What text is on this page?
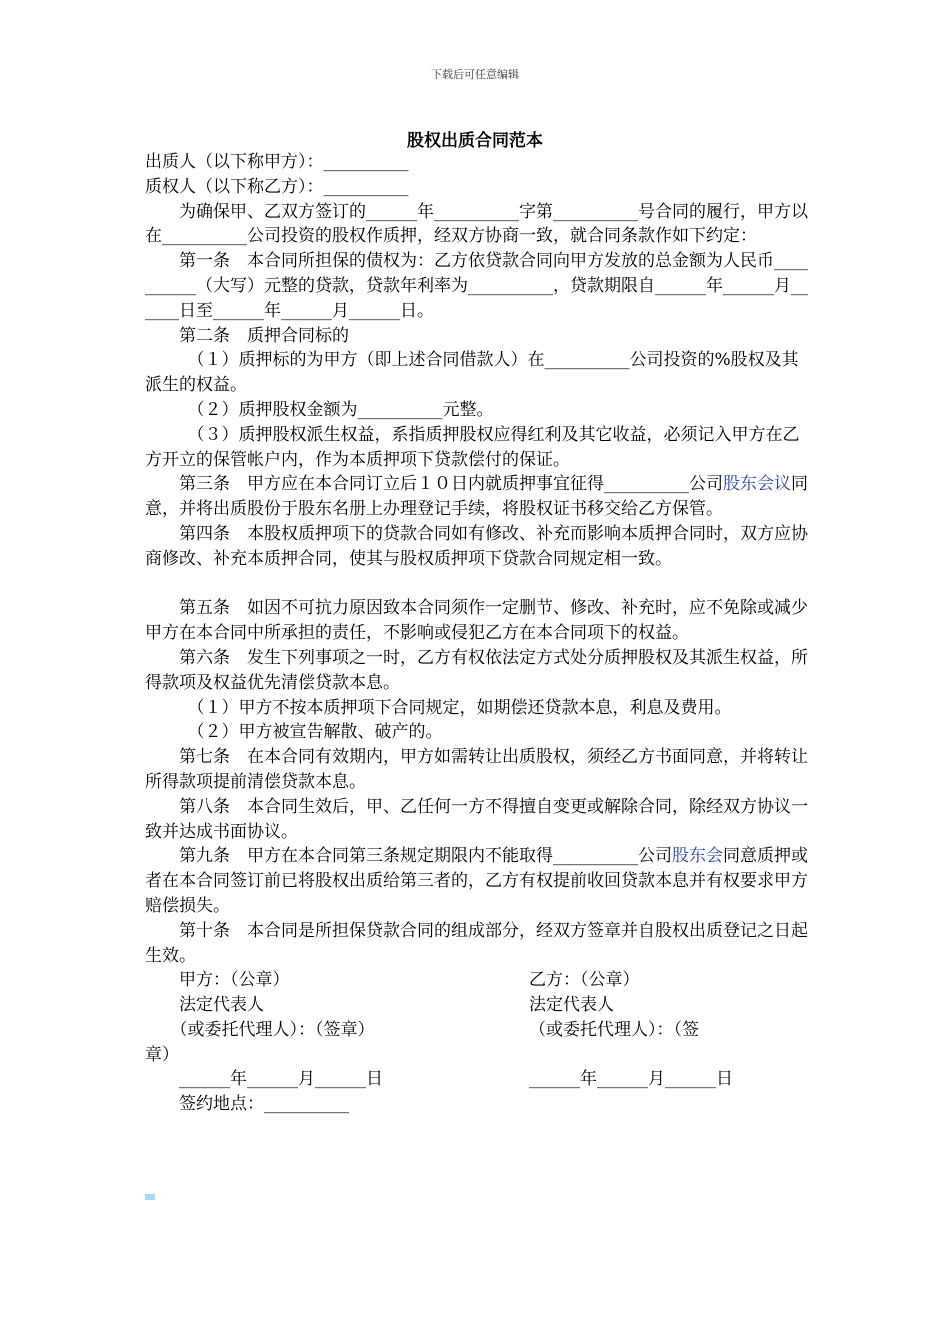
下载后可任意编辑
股权出质合同范本

出质人（以下称甲方）：__________

质权人（以下称乙方）：__________

为确保甲、乙双方签订的______年__________字第__________号合同的履行，甲方以在__________公司投资的股权作质押，经双方协商一致，就合同条款作如下约定：

第一条　本合同所担保的债权为：乙方依贷款合同向甲方发放的总金额为人民币__________（大写）元整的贷款，贷款年利率为__________，贷款期限自______年______月______日至______年______月______日。

第二条　质押合同标的

（１）质押标的为甲方（即上述合同借款人）在__________公司投资的%股权及其派生的权益。

（２）质押股权金额为__________元整。

（３）质押股权派生权益，系指质押股权应得红利及其它收益，必须记入甲方在乙方开立的保管帐户内，作为本质押项下贷款偿付的保证。

第三条　甲方应在本合同订立后１０日内就质押事宜征得__________公司股东会议同意，并将出质股份于股东名册上办理登记手续，将股权证书移交给乙方保管。

第四条　本股权质押项下的贷款合同如有修改、补充而影响本质押合同时，双方应协商修改、补充本质押合同，使其与股权质押项下贷款合同规定相一致。

第五条　如因不可抗力原因致本合同须作一定删节、修改、补充时，应不免除或减少甲方在本合同中所承担的责任，不影响或侵犯乙方在本合同项下的权益。

第六条　发生下列事项之一时，乙方有权依法定方式处分质押股权及其派生权益，所得款项及权益优先清偿贷款本息。

（１）甲方不按本质押项下合同规定，如期偿还贷款本息，利息及费用。

（２）甲方被宣告解散、破产的。

第七条　在本合同有效期内，甲方如需转让出质股权，须经乙方书面同意，并将转让所得款项提前清偿贷款本息。

第八条　本合同生效后，甲、乙任何一方不得擅自变更或解除合同，除经双方协议一致并达成书面协议。

第九条　甲方在本合同第三条规定期限内不能取得__________公司股东会同意质押或者在本合同签订前已将股权出质给第三者的，乙方有权提前收回贷款本息并有权要求甲方赔偿损失。

第十条　本合同是所担保贷款合同的组成部分，经双方签章并自股权出质登记之日起生效。

　　甲方：（公章）	乙方：（公章）

　　法定代表人	法定代表人

　　（或委托代理人）：（签章）	（或委托代理人）：（签

章）

　　______年______月______日	______年______月______日

签约地点：__________
